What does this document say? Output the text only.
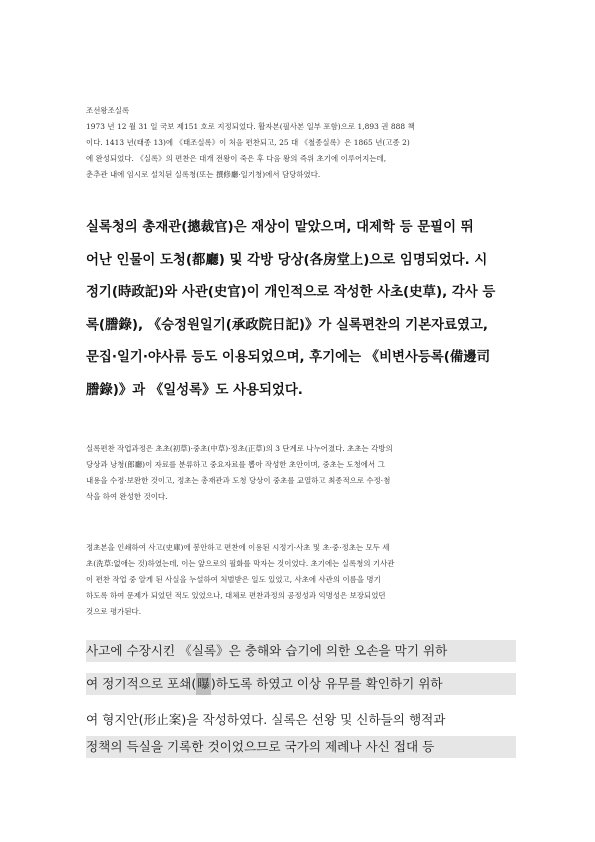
조선왕조실록
1973 년 12 월 31 일 국보 제151 호로 지정되었다. 활자본(필사본 일부 포함)으로 1,893 권 888 책
이다. 1413 년(태종 13)에 《태조실록》이 처음 편찬되고, 25 대 《철종실록》은 1865 년(고종 2)
에 완성되었다. 《실록》의 편찬은 대개 전왕이 죽은 후 다음 왕의 즉위 초기에 이루어지는데,
춘추관 내에 임시로 설치된 실록청(또는 撰修廳·일기청)에서 담당하였다.
실록청의 총재관(摠裁官)은 재상이 맡았으며, 대제학 등 문필이 뛰
어난 인물이 도청(都廳) 및 각방 당상(各房堂上)으로 임명되었다. 시
정기(時政記)와 사관(史官)이 개인적으로 작성한 사초(史草), 각사 등
록(謄錄), 《승정원일기(承政院日記)》가 실록편찬의 기본자료였고,
문집·일기·야사류 등도 이용되었으며, 후기에는 《비변사등록(備邊司
謄錄)》과 《일성록》도 사용되었다.
실록편찬 작업과정은 초초(初草)·중초(中草)·정초(正草)의 3 단계로 나누어졌다. 초초는 각방의
당상과 낭청(郎廳)이 자료를 분류하고 중요자료를 뽑아 작성한 초안이며, 중초는 도청에서 그
내용을 수정·보완한 것이고, 정초는 총재관과 도청 당상이 중초를 교열하고 최종적으로 수정·첨
삭을 하여 완성한 것이다.
정초본을 인쇄하여 사고(史庫)에 봉안하고 편찬에 이용된 시정기·사초 및 초·중·정초는 모두 세
초(洗草:없애는 것)하였는데, 이는 앞으로의 필화를 막자는 것이었다. 초기에는 실록청의 기사관
이 편찬 작업 중 알게 된 사실을 누설하여 처벌받은 일도 있었고, 사초에 사관의 이름을 명기
하도록 하여 문제가 되었던 적도 있었으나, 대체로 편찬과정의 공정성과 익명성은 보장되었던
것으로 평가된다.
사고에 수장시킨 《실록》은 충해와 습기에 의한 오손을 막기 위하
여 정기적으로 포쇄(曝)하도록 하였고 이상 유무를 확인하기 위하
여 형지안(形止案)을 작성하였다. 실록은 선왕 및 신하들의 행적과
정책의 득실을 기록한 것이었으므로 국가의 제례나 사신 접대 등
